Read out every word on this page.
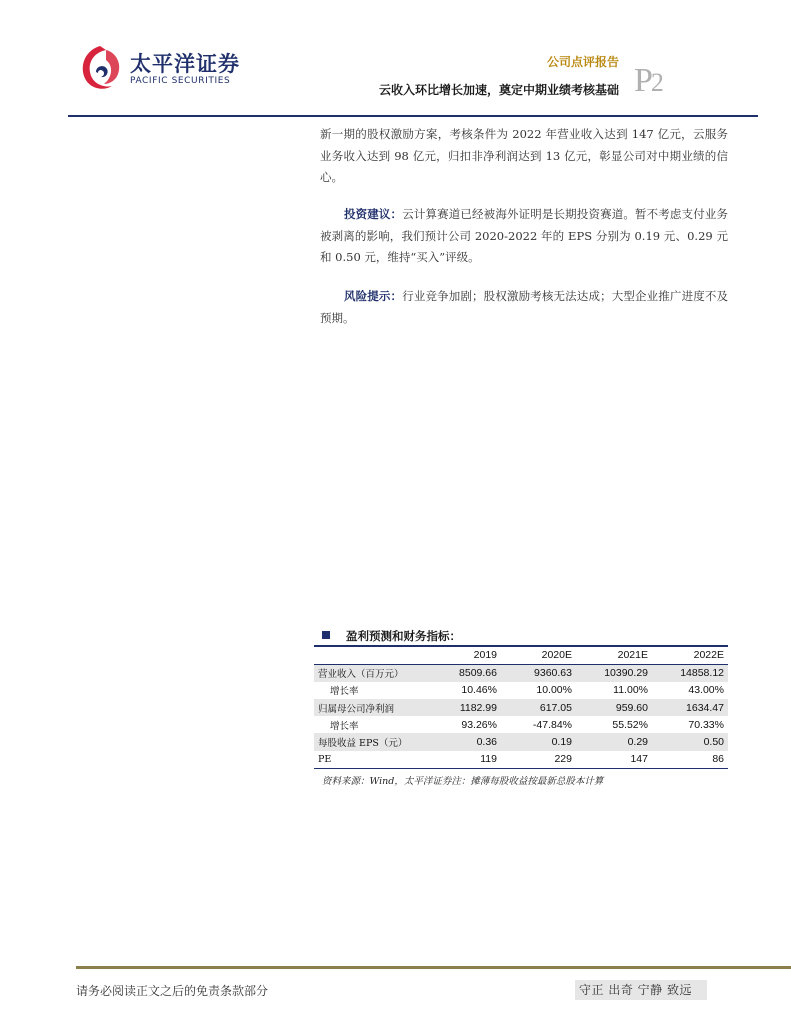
太平洋证券
PACIFIC SECURITIES
公司点评报告
云收入环比增长加速，奠定中期业绩考核基础 P2

新一期的股权激励方案，考核条件为 2022 年营业收入达到 147 亿元，云服务业务收入达到 98 亿元，归扣非净利润达到 13 亿元，彰显公司对中期业绩的信心。

投资建议：云计算赛道已经被海外证明是长期投资赛道。暂不考虑支付业务被剥离的影响，我们预计公司 2020-2022 年的 EPS 分别为 0.19 元、0.29 元和 0.50 元，维持“买入”评级。

风险提示：行业竞争加剧；股权激励考核无法达成；大型企业推广进度不及预期。

盈利预测和财务指标：
	2019	2020E	2021E	2022E
营业收入（百万元）	8509.66	9360.63	10390.29	14858.12
增长率	10.46%	10.00%	11.00%	43.00%
归属母公司净利润	1182.99	617.05	959.60	1634.47
增长率	93.26%	-47.84%	55.52%	70.33%
每股收益 EPS（元）	0.36	0.19	0.29	0.50
PE	119	229	147	86
资料来源：Wind，太平洋证券注：摊薄每股收益按最新总股本计算
请务必阅读正文之后的免责条款部分	守正 出奇 宁静 致远
